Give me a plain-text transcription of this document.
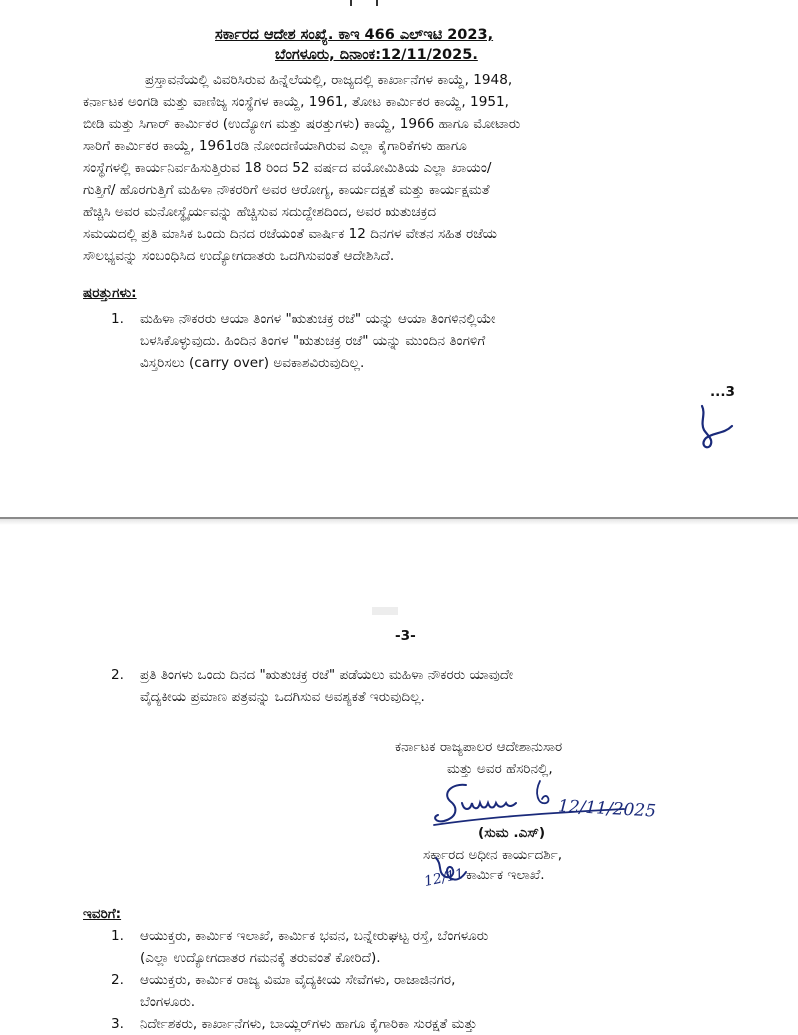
ಸರ್ಕಾರದ ಆದೇಶ ಸಂಖ್ಯೆ. ಕಾಇ 466 ಎಲ್ಇಟಿ 2023,
ಬೆಂಗಳೂರು, ದಿನಾಂಕ:12/11/2025.
ಪ್ರಸ್ತಾವನೆಯಲ್ಲಿ ವಿವರಿಸಿರುವ ಹಿನ್ನೆಲೆಯಲ್ಲಿ, ರಾಜ್ಯದಲ್ಲಿ ಕಾರ್ಖಾನೆಗಳ ಕಾಯ್ದೆ, 1948,
ಕರ್ನಾಟಕ ಅಂಗಡಿ ಮತ್ತು ವಾಣಿಜ್ಯ ಸಂಸ್ಥೆಗಳ ಕಾಯ್ದೆ, 1961, ತೋಟ ಕಾರ್ಮಿಕರ ಕಾಯ್ದೆ, 1951,
ಬೀಡಿ ಮತ್ತು ಸಿಗಾರ್ ಕಾರ್ಮಿಕರ (ಉದ್ಯೋಗ ಮತ್ತು ಷರತ್ತುಗಳು) ಕಾಯ್ದೆ, 1966 ಹಾಗೂ ಮೋಟಾರು
ಸಾರಿಗೆ ಕಾರ್ಮಿಕರ ಕಾಯ್ದೆ, 1961ರಡಿ ನೋಂದಣಿಯಾಗಿರುವ ಎಲ್ಲಾ ಕೈಗಾರಿಕೆಗಳು ಹಾಗೂ
ಸಂಸ್ಥೆಗಳಲ್ಲಿ ಕಾರ್ಯನಿರ್ವಹಿಸುತ್ತಿರುವ 18 ರಿಂದ 52 ವರ್ಷದ ವಯೋಮಿತಿಯ ಎಲ್ಲಾ ಖಾಯಂ/
ಗುತ್ತಿಗೆ/ ಹೊರಗುತ್ತಿಗೆ ಮಹಿಳಾ ನೌಕರರಿಗೆ ಅವರ ಆರೋಗ್ಯ, ಕಾರ್ಯದಕ್ಷತೆ ಮತ್ತು ಕಾರ್ಯಕ್ಷಮತೆ
ಹೆಚ್ಚಿಸಿ ಅವರ ಮನೋಸ್ಥೈರ್ಯವನ್ನು ಹೆಚ್ಚಿಸುವ ಸದುದ್ದೇಶದಿಂದ, ಅವರ ಋತುಚಕ್ರದ
ಸಮಯದಲ್ಲಿ ಪ್ರತಿ ಮಾಸಿಕ ಒಂದು ದಿನದ ರಜೆಯಂತೆ ವಾರ್ಷಿಕ 12 ದಿನಗಳ ವೇತನ ಸಹಿತ ರಜೆಯ
ಸೌಲಭ್ಯವನ್ನು ಸಂಬಂಧಿಸಿದ ಉದ್ಯೋಗದಾತರು ಒದಗಿಸುವಂತೆ ಆದೇಶಿಸಿದೆ.
ಷರತ್ತುಗಳು:
1. ಮಹಿಳಾ ನೌಕರರು ಆಯಾ ತಿಂಗಳ "ಋತುಚಕ್ರ ರಜೆ" ಯನ್ನು ಆಯಾ ತಿಂಗಳಿನಲ್ಲಿಯೇ
ಬಳಸಿಕೊಳ್ಳುವುದು. ಹಿಂದಿನ ತಿಂಗಳ "ಋತುಚಕ್ರ ರಜೆ" ಯನ್ನು ಮುಂದಿನ ತಿಂಗಳಿಗೆ
ವಿಸ್ತರಿಸಲು (carry over) ಅವಕಾಶವಿರುವುದಿಲ್ಲ.
...3
-3-
2. ಪ್ರತಿ ತಿಂಗಳು ಒಂದು ದಿನದ "ಋತುಚಕ್ರ ರಜೆ" ಪಡೆಯಲು ಮಹಿಳಾ ನೌಕರರು ಯಾವುದೇ
ವೈದ್ಯಕೀಯ ಪ್ರಮಾಣ ಪತ್ರವನ್ನು ಒದಗಿಸುವ ಅವಶ್ಯಕತೆ ಇರುವುದಿಲ್ಲ.
ಕರ್ನಾಟಕ ರಾಜ್ಯಪಾಲರ ಆದೇಶಾನುಸಾರ
ಮತ್ತು ಅವರ ಹೆಸರಿನಲ್ಲಿ,
12/11/2025
(ಸುಮ .ಎಸ್)
ಸರ್ಕಾರದ ಅಧೀನ ಕಾರ್ಯದರ್ಶಿ,
12/11 ಕಾರ್ಮಿಕ ಇಲಾಖೆ.
ಇವರಿಗೆ:
1. ಆಯುಕ್ತರು, ಕಾರ್ಮಿಕ ಇಲಾಖೆ, ಕಾರ್ಮಿಕ ಭವನ, ಬನ್ನೇರುಘಟ್ಟ ರಸ್ತೆ, ಬೆಂಗಳೂರು
(ಎಲ್ಲಾ ಉದ್ಯೋಗದಾತರ ಗಮನಕ್ಕೆ ತರುವಂತೆ ಕೋರಿದೆ).
2. ಆಯುಕ್ತರು, ಕಾರ್ಮಿಕ ರಾಜ್ಯ ವಿಮಾ ವೈದ್ಯಕೀಯ ಸೇವೆಗಳು, ರಾಜಾಜಿನಗರ,
ಬೆಂಗಳೂರು.
3. ನಿರ್ದೇಶಕರು, ಕಾರ್ಖಾನೆಗಳು, ಬಾಯ್ಲರ್‌ಗಳು ಹಾಗೂ ಕೈಗಾರಿಕಾ ಸುರಕ್ಷತೆ ಮತ್ತು
